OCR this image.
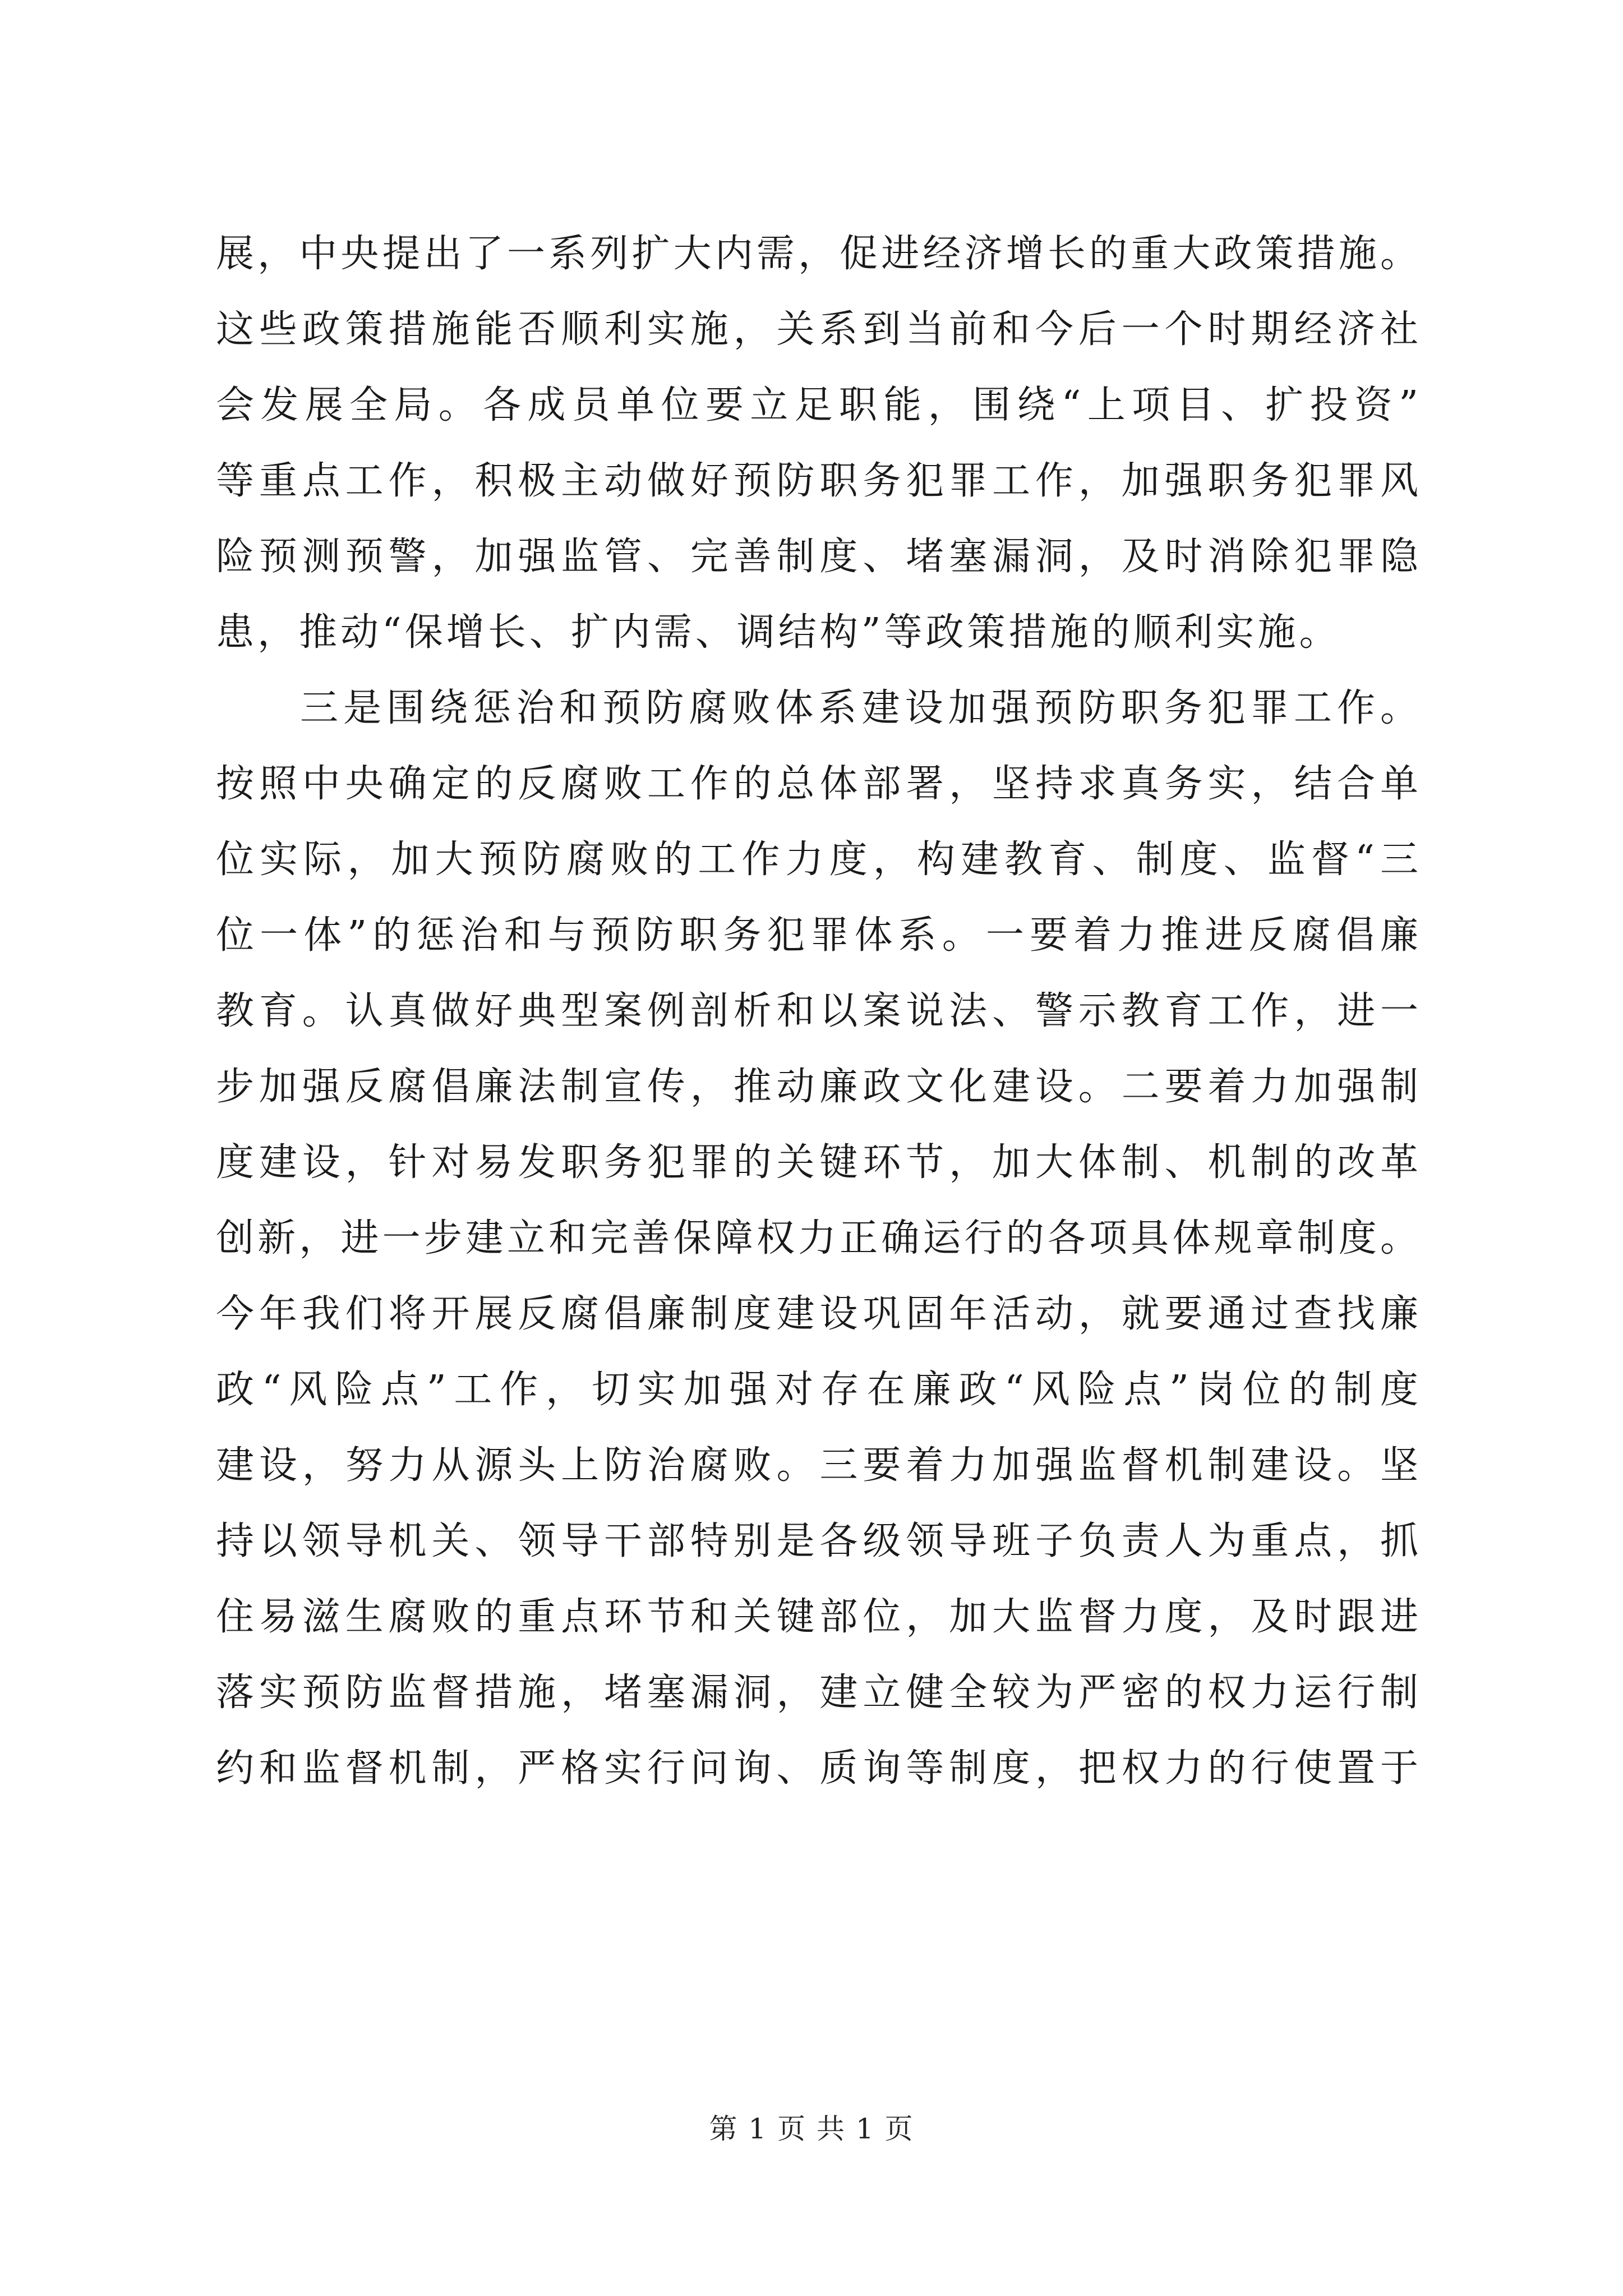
展，中央提出了一系列扩大内需，促进经济增长的重大政策措施。
这些政策措施能否顺利实施，关系到当前和今后一个时期经济社
会发展全局。各成员单位要立足职能，围绕“上项目、扩投资”
等重点工作，积极主动做好预防职务犯罪工作，加强职务犯罪风
险预测预警，加强监管、完善制度、堵塞漏洞，及时消除犯罪隐
患，推动“保增长、扩内需、调结构”等政策措施的顺利实施。
三是围绕惩治和预防腐败体系建设加强预防职务犯罪工作。
按照中央确定的反腐败工作的总体部署，坚持求真务实，结合单
位实际，加大预防腐败的工作力度，构建教育、制度、监督“三
位一体”的惩治和与预防职务犯罪体系。一要着力推进反腐倡廉
教育。认真做好典型案例剖析和以案说法、警示教育工作，进一
步加强反腐倡廉法制宣传，推动廉政文化建设。二要着力加强制
度建设，针对易发职务犯罪的关键环节，加大体制、机制的改革
创新，进一步建立和完善保障权力正确运行的各项具体规章制度。
今年我们将开展反腐倡廉制度建设巩固年活动，就要通过查找廉
政“风险点”工作，切实加强对存在廉政“风险点”岗位的制度
建设，努力从源头上防治腐败。三要着力加强监督机制建设。坚
持以领导机关、领导干部特别是各级领导班子负责人为重点，抓
住易滋生腐败的重点环节和关键部位，加大监督力度，及时跟进
落实预防监督措施，堵塞漏洞，建立健全较为严密的权力运行制
约和监督机制，严格实行问询、质询等制度，把权力的行使置于
第 1 页 共 1 页
